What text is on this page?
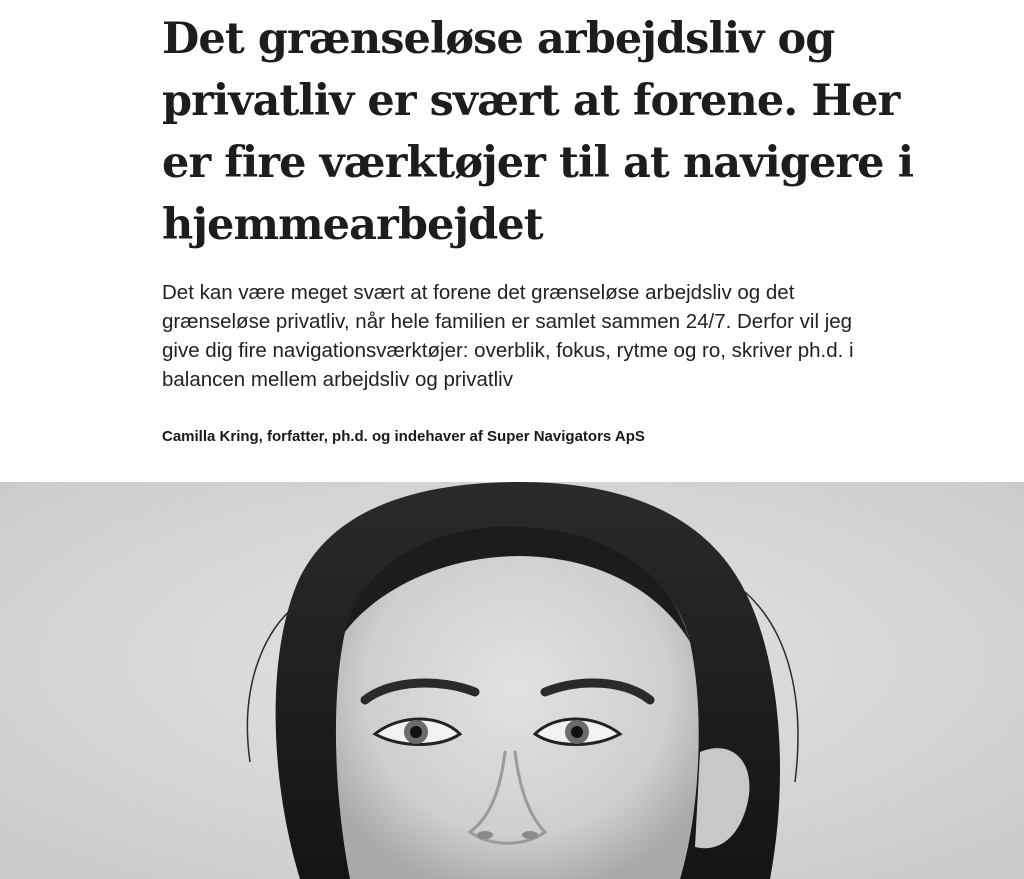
Det grænseløse arbejdsliv og privatliv er svært at forene. Her er fire værktøjer til at navigere i hjemmearbejdet

Det kan være meget svært at forene det grænseløse arbejdsliv og det grænseløse privatliv, når hele familien er samlet sammen 24/7. Derfor vil jeg give dig fire navigationsværktøjer: overblik, fokus, rytme og ro, skriver ph.d. i balancen mellem arbejdsliv og privatliv

Camilla Kring, forfatter, ph.d. og indehaver af Super Navigators ApS
